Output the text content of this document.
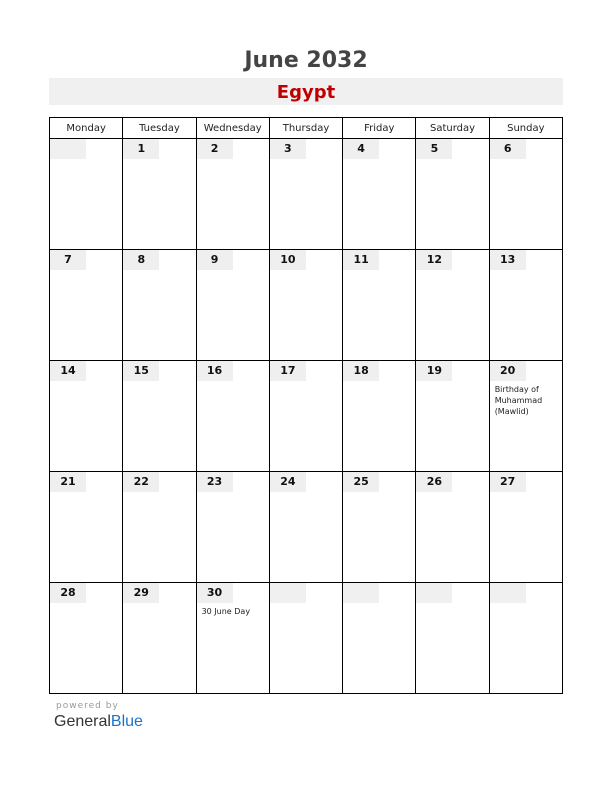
June 2032
Egypt
Monday	Tuesday	Wednesday	Thursday	Friday	Saturday	Sunday

	1	2	3	4	5	6

7	8	9	10	11	12	13

14	15	16	17	18	19	20
Birthday of Muhammad (Mawlid)

21	22	23	24	25	26	27

28	29	30
30 June Day				

powered by
GeneralBlue
